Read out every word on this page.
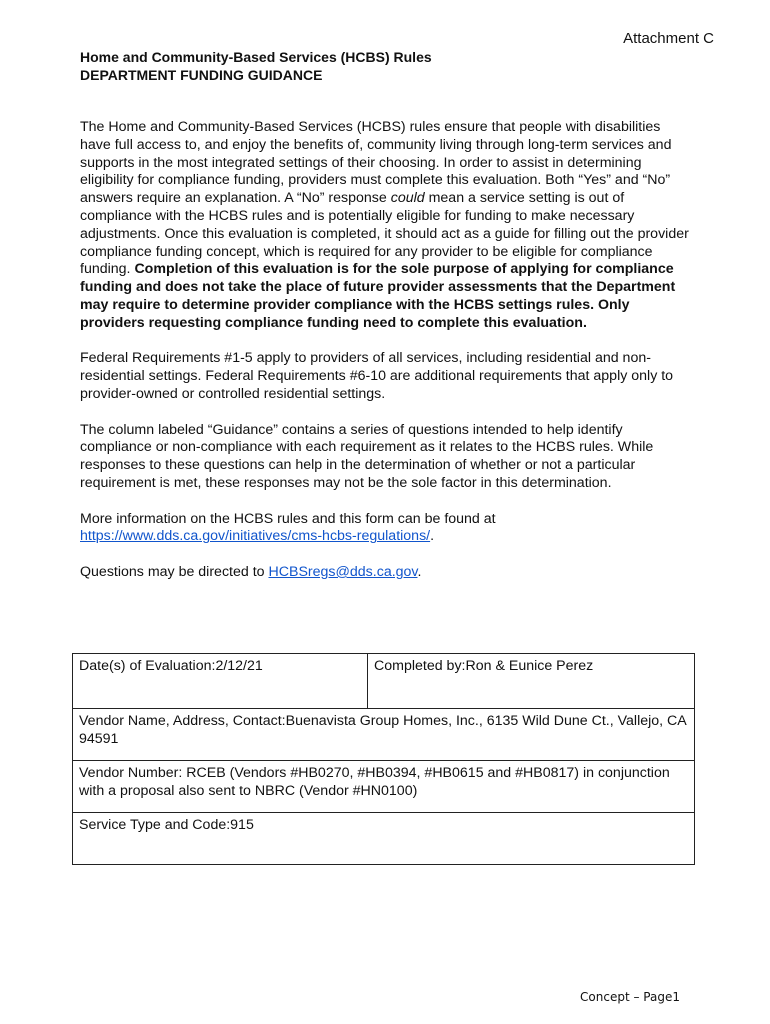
Attachment C
Home and Community-Based Services (HCBS) Rules
DEPARTMENT FUNDING GUIDANCE

The Home and Community-Based Services (HCBS) rules ensure that people with disabilities have full access to, and enjoy the benefits of, community living through long-term services and supports in the most integrated settings of their choosing. In order to assist in determining eligibility for compliance funding, providers must complete this evaluation. Both “Yes” and “No” answers require an explanation. A “No” response could mean a service setting is out of compliance with the HCBS rules and is potentially eligible for funding to make necessary adjustments. Once this evaluation is completed, it should act as a guide for filling out the provider compliance funding concept, which is required for any provider to be eligible for compliance funding. Completion of this evaluation is for the sole purpose of applying for compliance funding and does not take the place of future provider assessments that the Department may require to determine provider compliance with the HCBS settings rules. Only providers requesting compliance funding need to complete this evaluation.

Federal Requirements #1-5 apply to providers of all services, including residential and non-residential settings. Federal Requirements #6-10 are additional requirements that apply only to provider-owned or controlled residential settings.

The column labeled “Guidance” contains a series of questions intended to help identify compliance or non-compliance with each requirement as it relates to the HCBS rules. While responses to these questions can help in the determination of whether or not a particular requirement is met, these responses may not be the sole factor in this determination.

More information on the HCBS rules and this form can be found at
https://www.dds.ca.gov/initiatives/cms-hcbs-regulations/.

Questions may be directed to HCBSregs@dds.ca.gov.

Date(s) of Evaluation:2/12/21	Completed by:Ron & Eunice Perez
Vendor Name, Address, Contact:Buenavista Group Homes, Inc., 6135 Wild Dune Ct., Vallejo, CA 94591
Vendor Number: RCEB (Vendors #HB0270, #HB0394, #HB0615 and #HB0817) in conjunction with a proposal also sent to NBRC (Vendor #HN0100)
Service Type and Code:915
Concept – Page1
